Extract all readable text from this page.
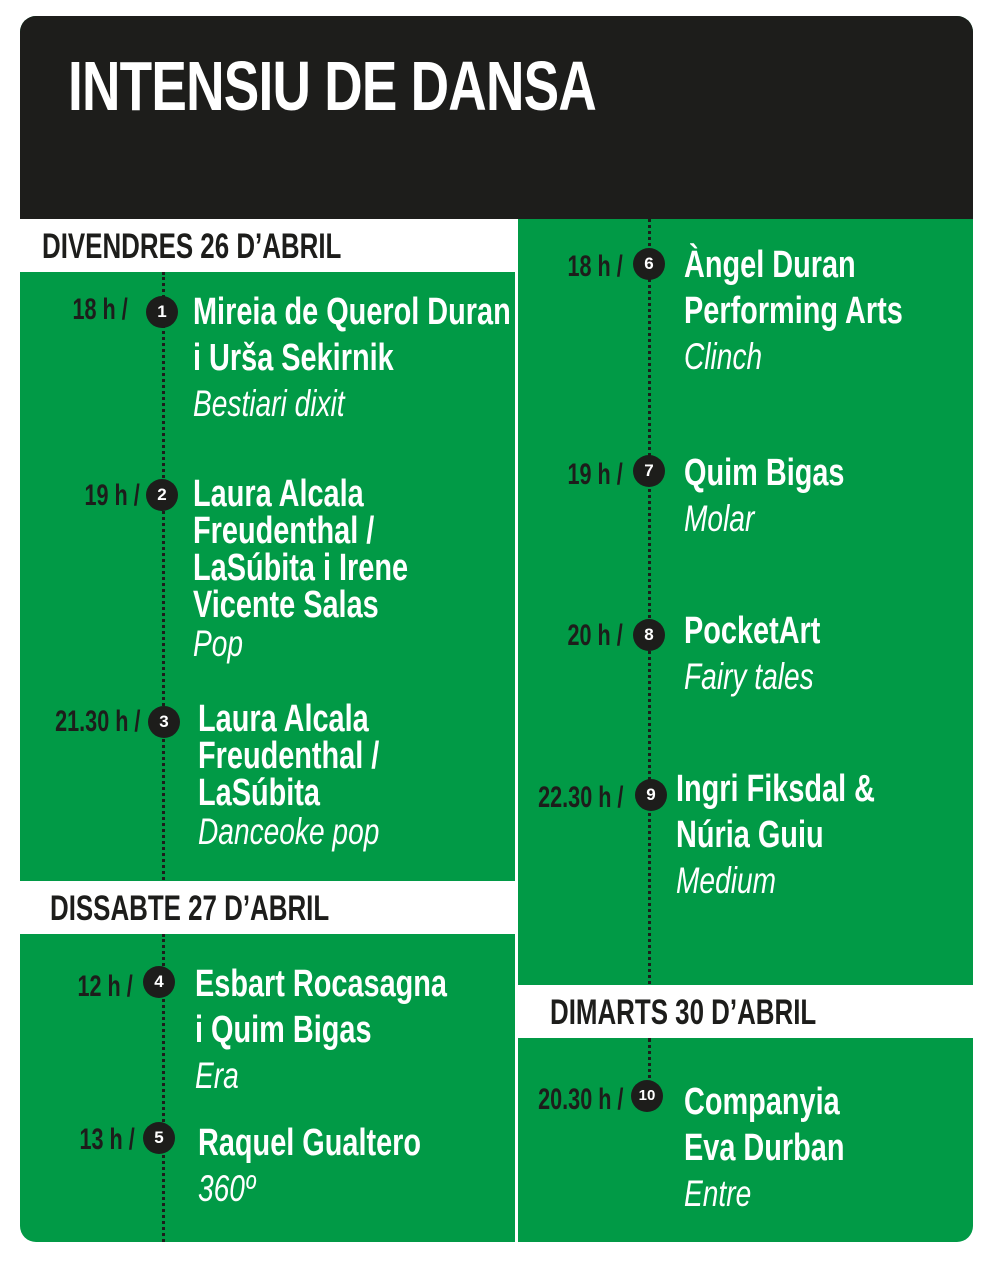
INTENSIU DE DANSA
DIVENDRES 26 D’ABRIL
DISSABTE 27 D’ABRIL
DIMARTS 30 D’ABRIL
18 h /	1 Mireia de Querol Duran
i Urša Sekirnik
Bestiari dixit
19 h /	2 Laura Alcala
Freudenthal /
LaSúbita i Irene
Vicente Salas
Pop
21.30 h /	3 Laura Alcala
Freudenthal /
LaSúbita
Danceoke pop
12 h /	4 Esbart Rocasagna
i Quim Bigas
Era
13 h /	5 Raquel Gualtero
360º
18 h /	6 Àngel Duran
Performing Arts
Clinch
19 h /	7 Quim Bigas
Molar
20 h /	8 PocketArt
Fairy tales
22.30 h /	9 Ingri Fiksdal &
Núria Guiu
Medium
20.30 h /	10 Companyia
Eva Durban
Entre
